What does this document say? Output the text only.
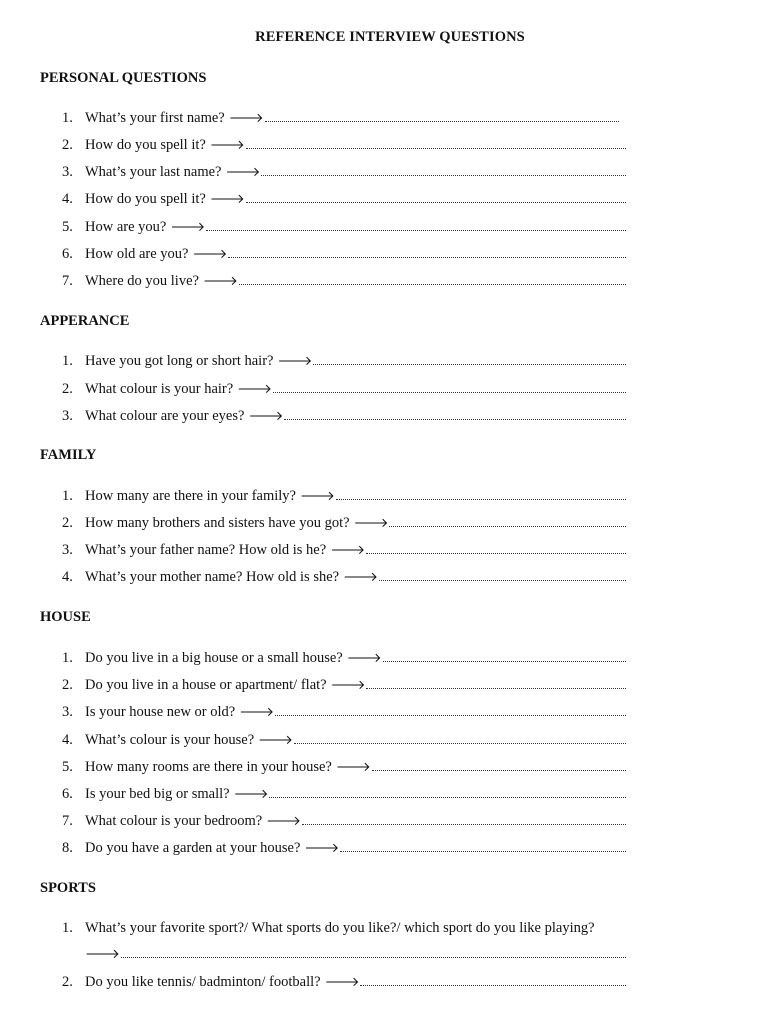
REFERENCE INTERVIEW QUESTIONS
PERSONAL QUESTIONS
1. What’s your first name? 🡒
2. How do you spell it? 🡒
3. What’s your last name? 🡒
4. How do you spell it? 🡒
5. How are you? 🡒
6. How old are you? 🡒
7. Where do you live? 🡒
APPERANCE
1. Have you got long or short hair? 🡒
2. What colour is your hair? 🡒
3. What colour are your eyes? 🡒
FAMILY
1. How many are there in your family? 🡒
2. How many brothers and sisters have you got? 🡒
3. What’s your father name? How old is he? 🡒
4. What’s your mother name? How old is she? 🡒
HOUSE
1. Do you live in a big house or a small house? 🡒
2. Do you live in a house or apartment/ flat? 🡒
3. Is your house new or old? 🡒
4. What’s colour is your house? 🡒
5. How many rooms are there in your house? 🡒
6. Is your bed big or small? 🡒
7. What colour is your bedroom? 🡒
8. Do you have a garden at your house? 🡒
SPORTS
1. What’s your favorite sport?/ What sports do you like?/ which sport do you like playing?
🡒
2. Do you like tennis/ badminton/ football? 🡒
